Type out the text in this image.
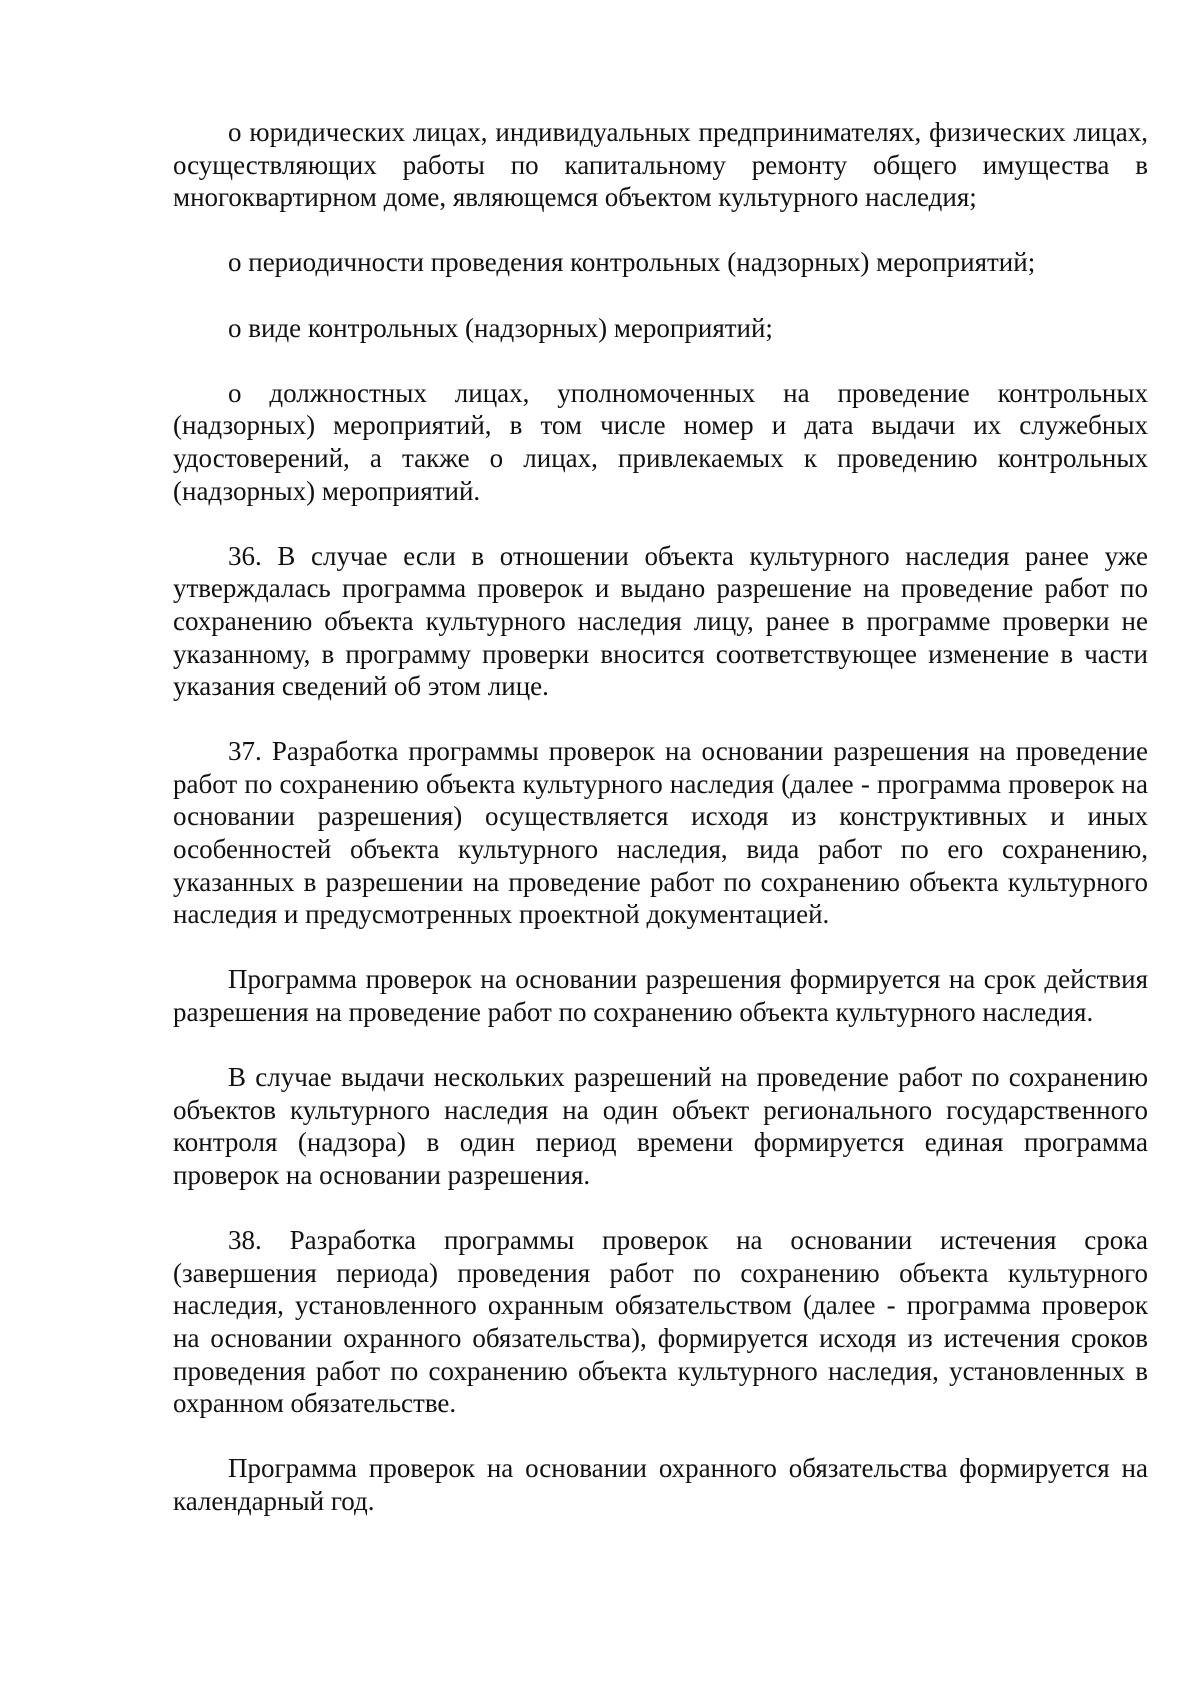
о юридических лицах, индивидуальных предпринимателях, физических лицах, осуществляющих работы по капитальному ремонту общего имущества в многоквартирном доме, являющемся объектом культурного наследия;

о периодичности проведения контрольных (надзорных) мероприятий;

о виде контрольных (надзорных) мероприятий;

о должностных лицах, уполномоченных на проведение контрольных (надзорных) мероприятий, в том числе номер и дата выдачи их служебных удостоверений, а также о лицах, привлекаемых к проведению контрольных (надзорных) мероприятий.

36. В случае если в отношении объекта культурного наследия ранее уже утверждалась программа проверок и выдано разрешение на проведение работ по сохранению объекта культурного наследия лицу, ранее в программе проверки не указанному, в программу проверки вносится соответствующее изменение в части указания сведений об этом лице.

37. Разработка программы проверок на основании разрешения на проведение работ по сохранению объекта культурного наследия (далее - программа проверок на основании разрешения) осуществляется исходя из конструктивных и иных особенностей объекта культурного наследия, вида работ по его сохранению, указанных в разрешении на проведение работ по сохранению объекта культурного наследия и предусмотренных проектной документацией.

Программа проверок на основании разрешения формируется на срок действия разрешения на проведение работ по сохранению объекта культурного наследия.

В случае выдачи нескольких разрешений на проведение работ по сохранению объектов культурного наследия на один объект регионального государственного контроля (надзора) в один период времени формируется единая программа проверок на основании разрешения.

38. Разработка программы проверок на основании истечения срока (завершения периода) проведения работ по сохранению объекта культурного наследия, установленного охранным обязательством (далее - программа проверок на основании охранного обязательства), формируется исходя из истечения сроков проведения работ по сохранению объекта культурного наследия, установленных в охранном обязательстве.

Программа проверок на основании охранного обязательства формируется на календарный год.
